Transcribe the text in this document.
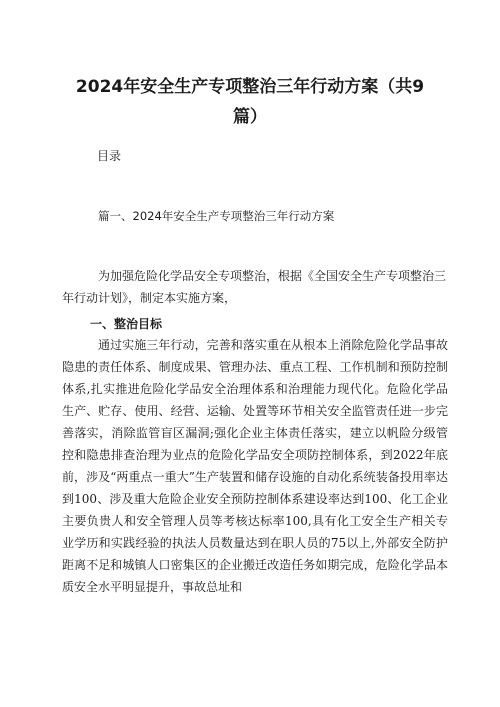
2024年安全生产专项整治三年行动方案（共9篇）
目录
篇一、2024年安全生产专项整治三年行动方案
为加强危险化学品安全专项整治，根据《全国安全生产专项整治三年行动计划》，制定本实施方案，
一、整治目标
通过实施三年行动，完善和落实重在从根本上消除危险化学品事故隐患的责任体系、制度成果、管理办法、重点工程、工作机制和预防控制体系,扎实推进危险化学品安全治理体系和治理能力现代化。危险化学品生产、贮存、使用、经营、运输、处置等环节相关安全监管责任进一步完善落实，消除监管盲区漏洞;强化企业主体责任落实，建立以帆险分级管控和隐患排查治理为业点的危险化学品安全项防控制体系，到2022年底前，涉及“两重点一重大”生产装置和储存设施的自动化系统装备投用率达到100、涉及重大危险企业安全预防控制体系建设率达到100、化工企业主要负贵人和安全管理人员等考核达标率100,具有化工安全生产相关专业学历和实践经验的执法人员数量达到在职人员的75以上,外部安全防护距离不足和城镇人口密集区的企业搬迁改造任务如期完成，危险化学品本质安全水平明显提升，事故总址和
